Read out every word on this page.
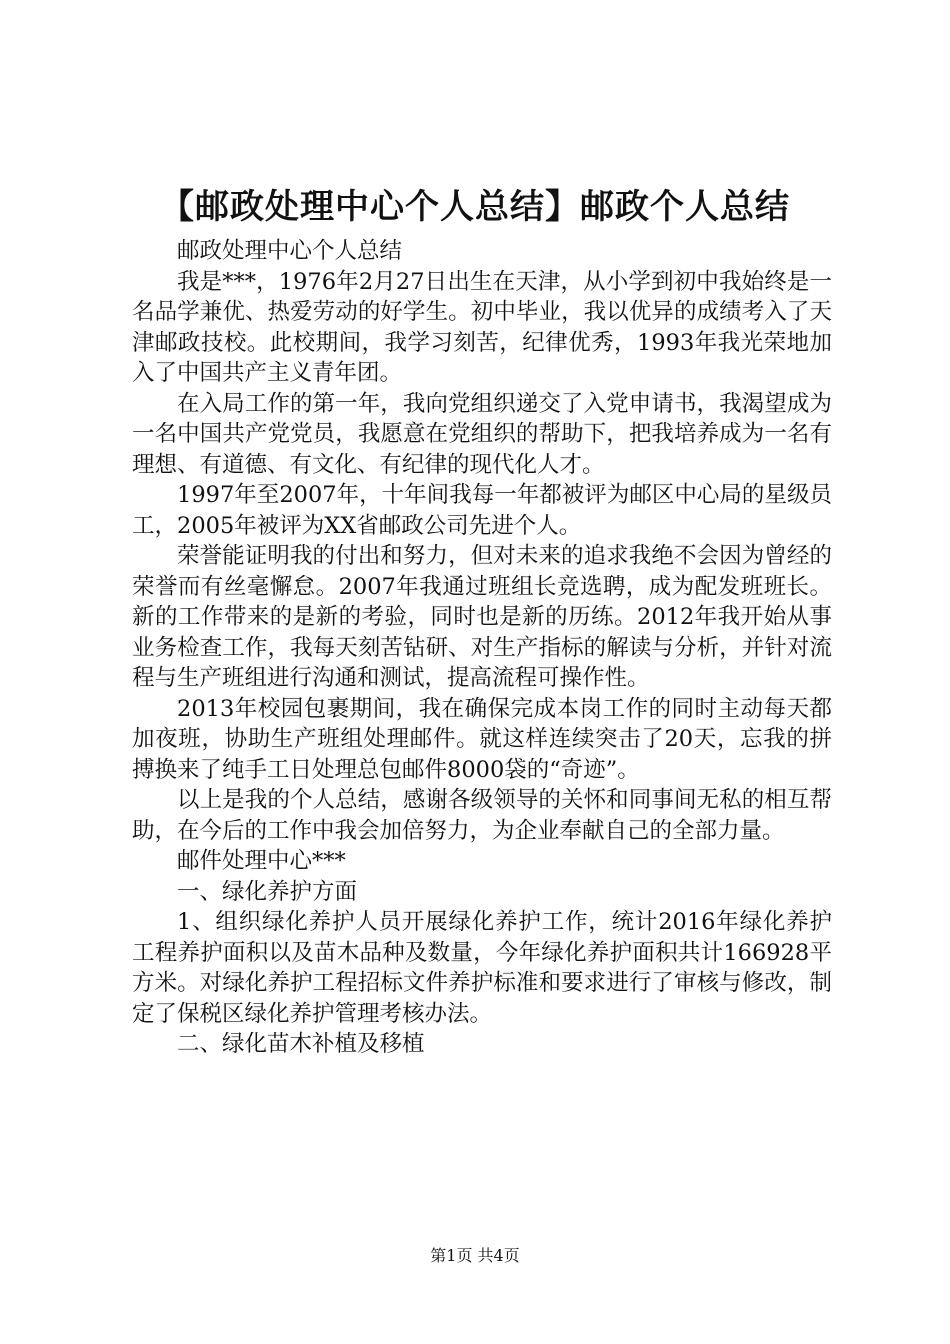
【邮政处理中心个人总结】邮政个人总结

邮政处理中心个人总结

我是***，1976年2月27日出生在天津，从小学到初中我始终是一名品学兼优、热爱劳动的好学生。初中毕业，我以优异的成绩考入了天津邮政技校。此校期间，我学习刻苦，纪律优秀，1993年我光荣地加入了中国共产主义青年团。

在入局工作的第一年，我向党组织递交了入党申请书，我渴望成为一名中国共产党党员，我愿意在党组织的帮助下，把我培养成为一名有理想、有道德、有文化、有纪律的现代化人才。

1997年至2007年，十年间我每一年都被评为邮区中心局的星级员工，2005年被评为XX省邮政公司先进个人。

荣誉能证明我的付出和努力，但对未来的追求我绝不会因为曾经的荣誉而有丝毫懈怠。2007年我通过班组长竞选聘，成为配发班班长。新的工作带来的是新的考验，同时也是新的历练。2012年我开始从事业务检查工作，我每天刻苦钻研、对生产指标的解读与分析，并针对流程与生产班组进行沟通和测试，提高流程可操作性。

2013年校园包裹期间，我在确保完成本岗工作的同时主动每天都加夜班，协助生产班组处理邮件。就这样连续突击了20天，忘我的拼搏换来了纯手工日处理总包邮件8000袋的“奇迹”。

以上是我的个人总结，感谢各级领导的关怀和同事间无私的相互帮助，在今后的工作中我会加倍努力，为企业奉献自己的全部力量。

邮件处理中心***

一、绿化养护方面

1、组织绿化养护人员开展绿化养护工作，统计2016年绿化养护工程养护面积以及苗木品种及数量，今年绿化养护面积共计166928平方米。对绿化养护工程招标文件养护标准和要求进行了审核与修改，制定了保税区绿化养护管理考核办法。

二、绿化苗木补植及移植

第1页 共4页
